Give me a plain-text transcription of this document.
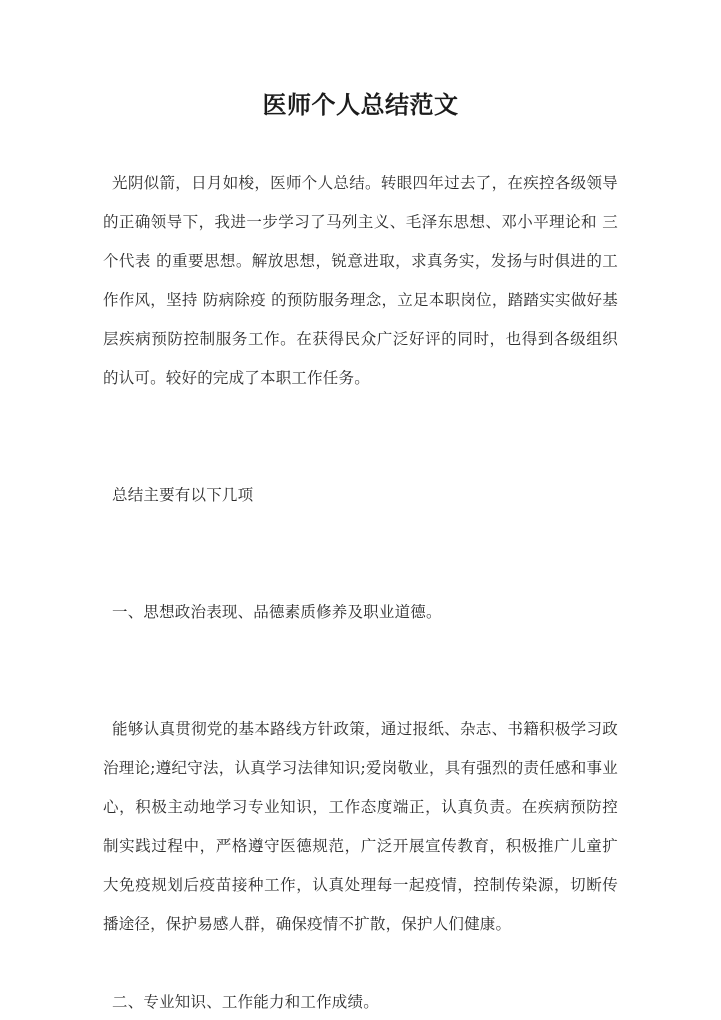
医师个人总结范文

光阴似箭，日月如梭，医师个人总结。转眼四年过去了，在疾控各级领导的正确领导下，我进一步学习了马列主义、毛泽东思想、邓小平理论和 三个代表 的重要思想。解放思想，锐意进取，求真务实，发扬与时俱进的工作作风，坚持 防病除疫 的预防服务理念，立足本职岗位，踏踏实实做好基层疾病预防控制服务工作。在获得民众广泛好评的同时，也得到各级组织的认可。较好的完成了本职工作任务。

总结主要有以下几项

一、思想政治表现、品德素质修养及职业道德。

能够认真贯彻党的基本路线方针政策，通过报纸、杂志、书籍积极学习政治理论;遵纪守法，认真学习法律知识;爱岗敬业，具有强烈的责任感和事业心，积极主动地学习专业知识，工作态度端正，认真负责。在疾病预防控制实践过程中，严格遵守医德规范，广泛开展宣传教育，积极推广儿童扩大免疫规划后疫苗接种工作，认真处理每一起疫情，控制传染源，切断传播途径，保护易感人群，确保疫情不扩散，保护人们健康。

二、专业知识、工作能力和工作成绩。
